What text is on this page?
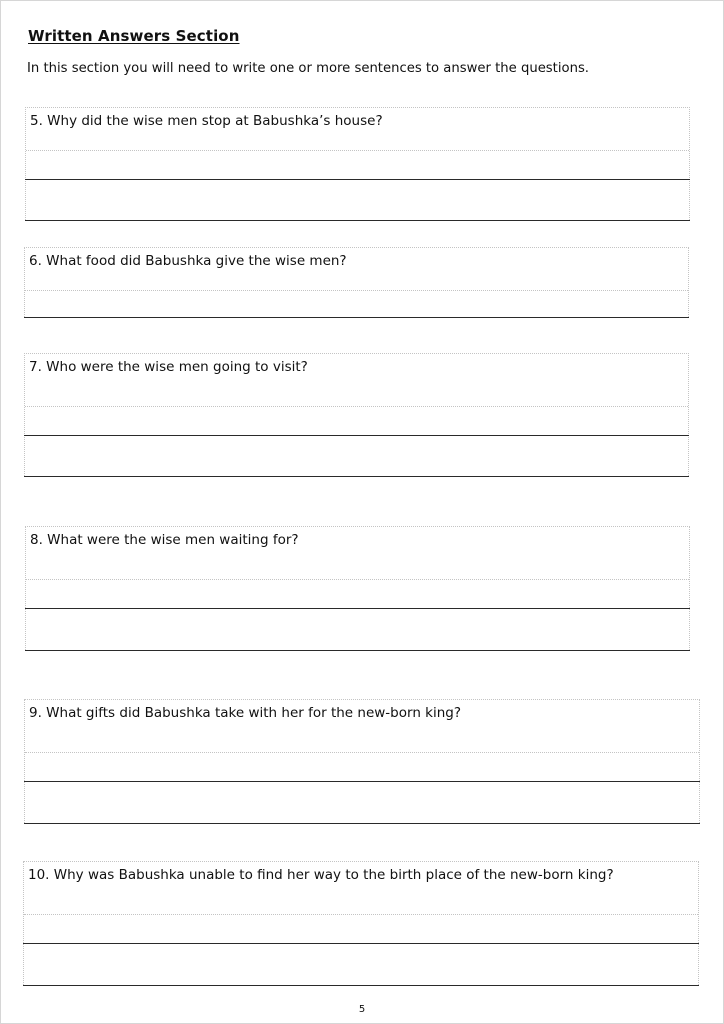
Written Answers Section
In this section you will need to write one or more sentences to answer the questions.
5. Why did the wise men stop at Babushka’s house?
6. What food did Babushka give the wise men?
7. Who were the wise men going to visit?
8. What were the wise men waiting for?
9. What gifts did Babushka take with her for the new-born king?
10. Why was Babushka unable to find her way to the birth place of the new-born king?
5
